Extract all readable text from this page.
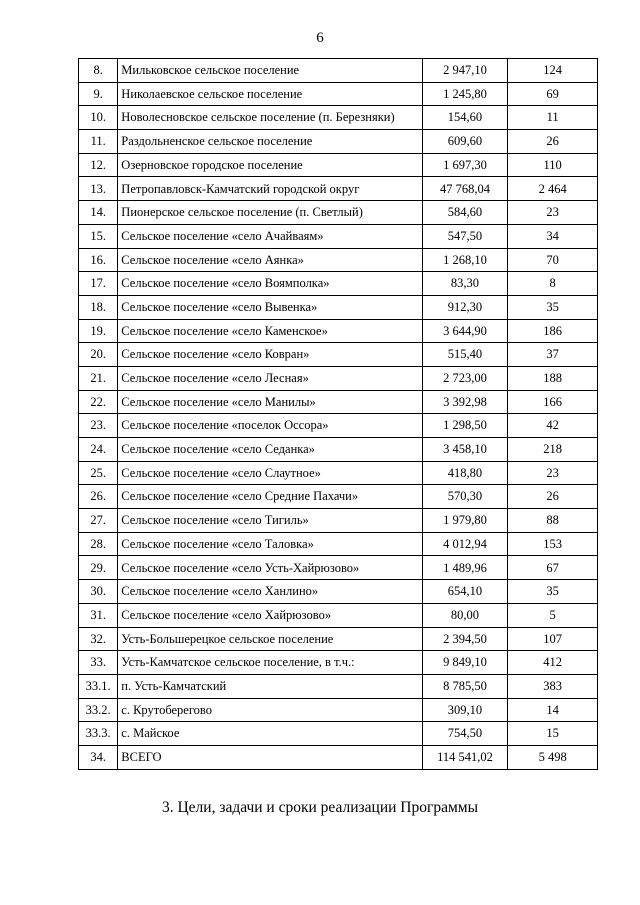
6
8.	Мильковское сельское поселение	2 947,10	124
9.	Николаевское сельское поселение	1 245,80	69
10.	Новолесновское сельское поселение (п. Березняки)	154,60	11
11.	Раздольненское сельское поселение	609,60	26
12.	Озерновское городское поселение	1 697,30	110
13.	Петропавловск-Камчатский городской округ	47 768,04	2 464
14.	Пионерское сельское поселение (п. Светлый)	584,60	23
15.	Сельское поселение «село Ачайваям»	547,50	34
16.	Сельское поселение «село Аянка»	1 268,10	70
17.	Сельское поселение «село Воямполка»	83,30	8
18.	Сельское поселение «село Вывенка»	912,30	35
19.	Сельское поселение «село Каменское»	3 644,90	186
20.	Сельское поселение «село Ковран»	515,40	37
21.	Сельское поселение «село Лесная»	2 723,00	188
22.	Сельское поселение «село Манилы»	3 392,98	166
23.	Сельское поселение «поселок Оссора»	1 298,50	42
24.	Сельское поселение «село Седанка»	3 458,10	218
25.	Сельское поселение «село Слаутное»	418,80	23
26.	Сельское поселение «село Средние Пахачи»	570,30	26
27.	Сельское поселение «село Тигиль»	1 979,80	88
28.	Сельское поселение «село Таловка»	4 012,94	153
29.	Сельское поселение «село Усть-Хайрюзово»	1 489,96	67
30.	Сельское поселение «село Ханлино»	654,10	35
31.	Сельское поселение «село Хайрюзово»	80,00	5
32.	Усть-Большерецкое сельское поселение	2 394,50	107
33.	Усть-Камчатское сельское поселение, в т.ч.:	9 849,10	412
33.1.	п. Усть-Камчатский	8 785,50	383
33.2.	с. Крутоберегово	309,10	14
33.3.	с. Майское	754,50	15
34.	ВСЕГО	114 541,02	5 498
3. Цели, задачи и сроки реализации Программы
